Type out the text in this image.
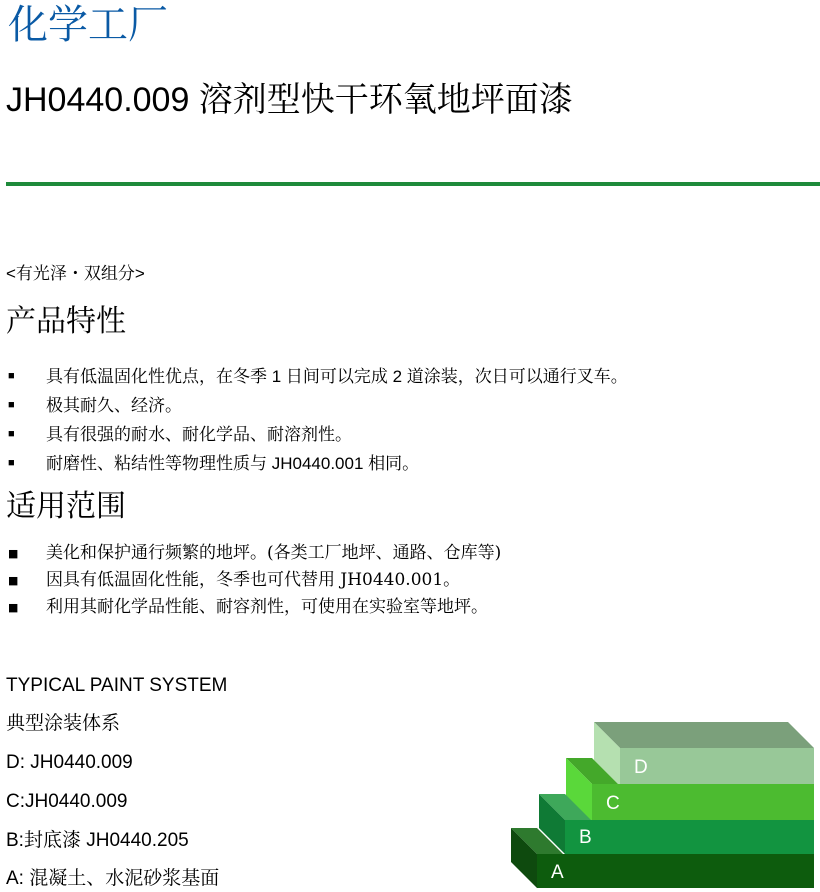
化学工厂
JH0440.009 溶剂型快干环氧地坪面漆
<有光泽・双组分>
产品特性
■ 具有低温固化性优点，在冬季 1 日间可以完成 2 道涂装，次日可以通行叉车。
■ 极其耐久、经济。
■ 具有很强的耐水、耐化学品、耐溶剂性。
■ 耐磨性、粘结性等物理性质与 JH0440.001 相同。
适用范围
■ 美化和保护通行频繁的地坪。(各类工厂地坪、通路、仓库等)
■ 因具有低温固化性能，冬季也可代替用 JH0440.001。
■ 利用其耐化学品性能、耐容剂性，可使用在实验室等地坪。
TYPICAL PAINT SYSTEM
典型涂装体系
D: JH0440.009
C:JH0440.009
B:封底漆 JH0440.205
A: 混凝土、水泥砂浆基面
D
C
B
A
